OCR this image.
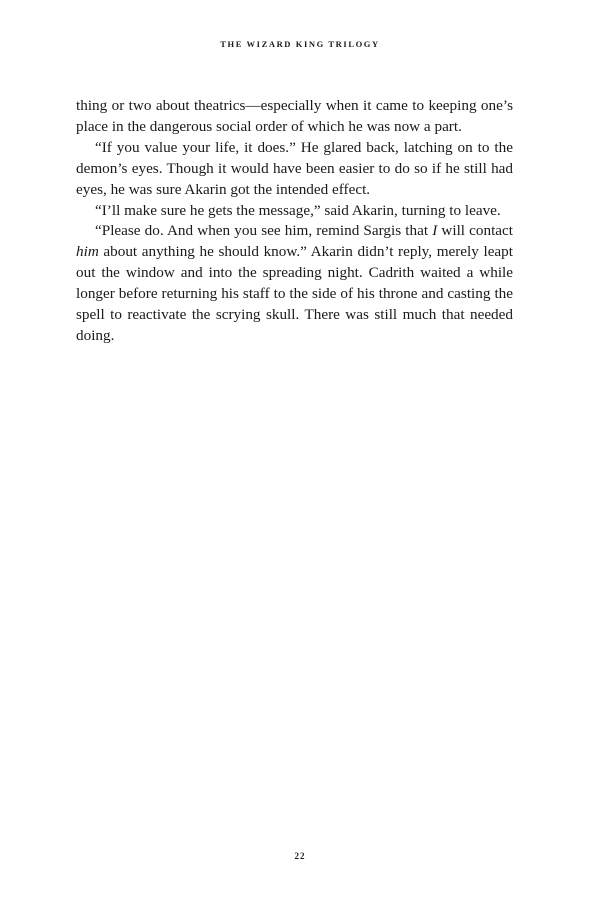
THE WIZARD KING TRILOGY

thing or two about theatrics—especially when it came to keeping one’s place in the dangerous social order of which he was now a part.

“If you value your life, it does.” He glared back, latching on to the demon’s eyes. Though it would have been easier to do so if he still had eyes, he was sure Akarin got the intended effect.

“I’ll make sure he gets the message,” said Akarin, turning to leave.

“Please do. And when you see him, remind Sargis that I will contact him about anything he should know.” Akarin didn’t reply, merely leapt out the window and into the spreading night. Cadrith waited a while longer before returning his staff to the side of his throne and casting the spell to reactivate the scrying skull. There was still much that needed doing.

22
